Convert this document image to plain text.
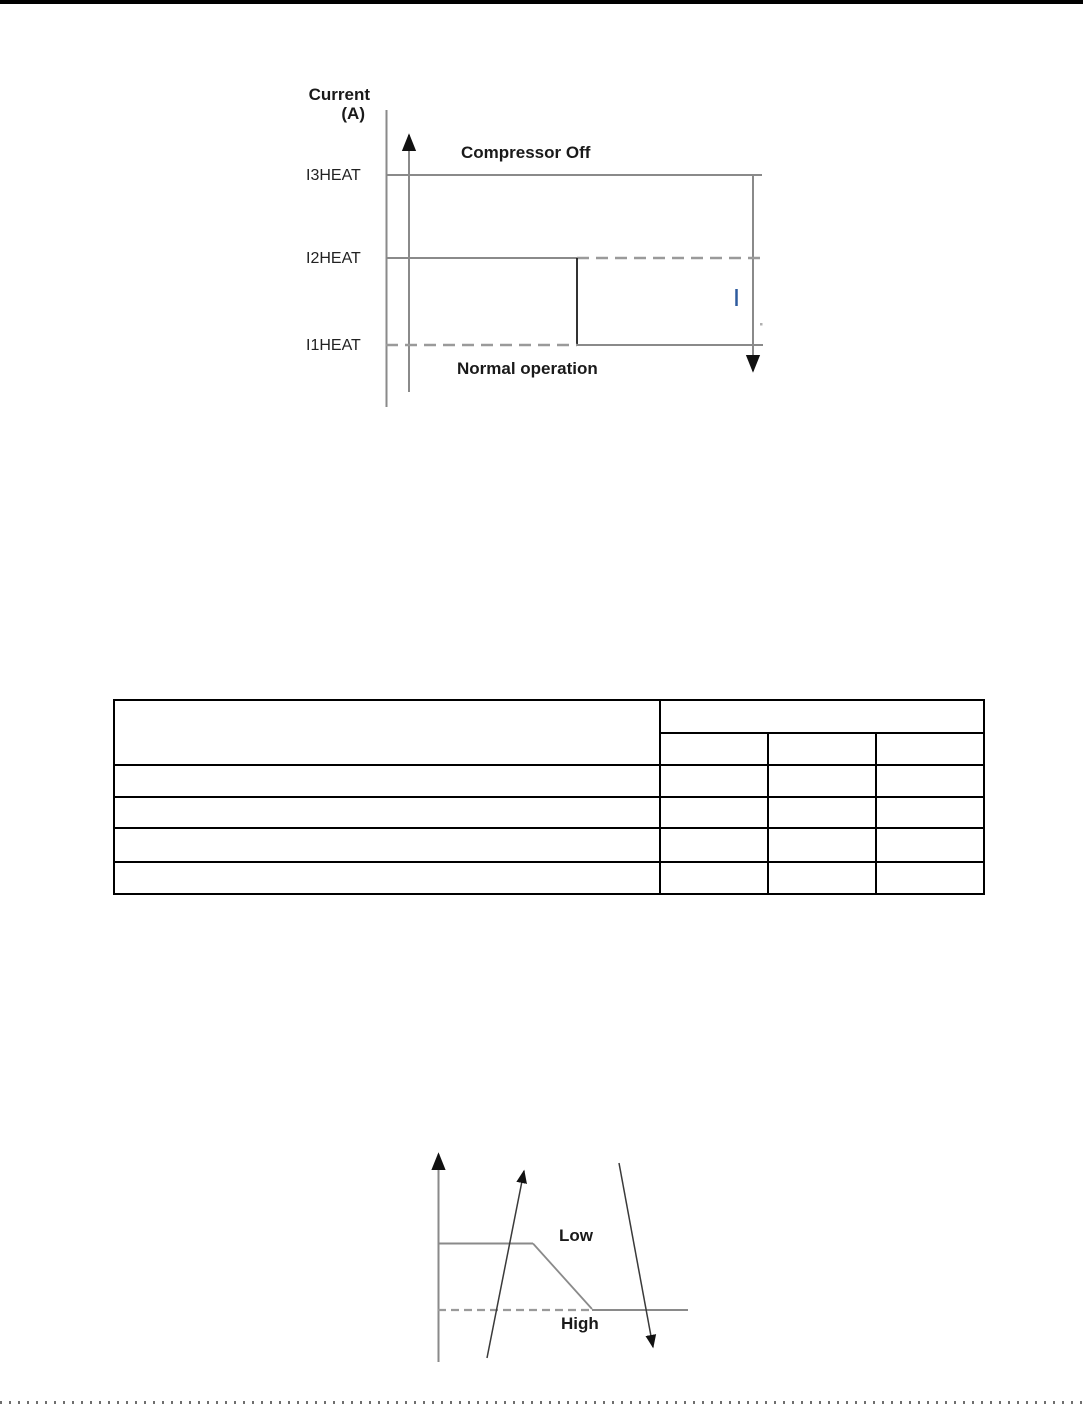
Current
(A)
I3HEAT
I2HEAT
I1HEAT
Compressor Off
Normal operation

Low
High
